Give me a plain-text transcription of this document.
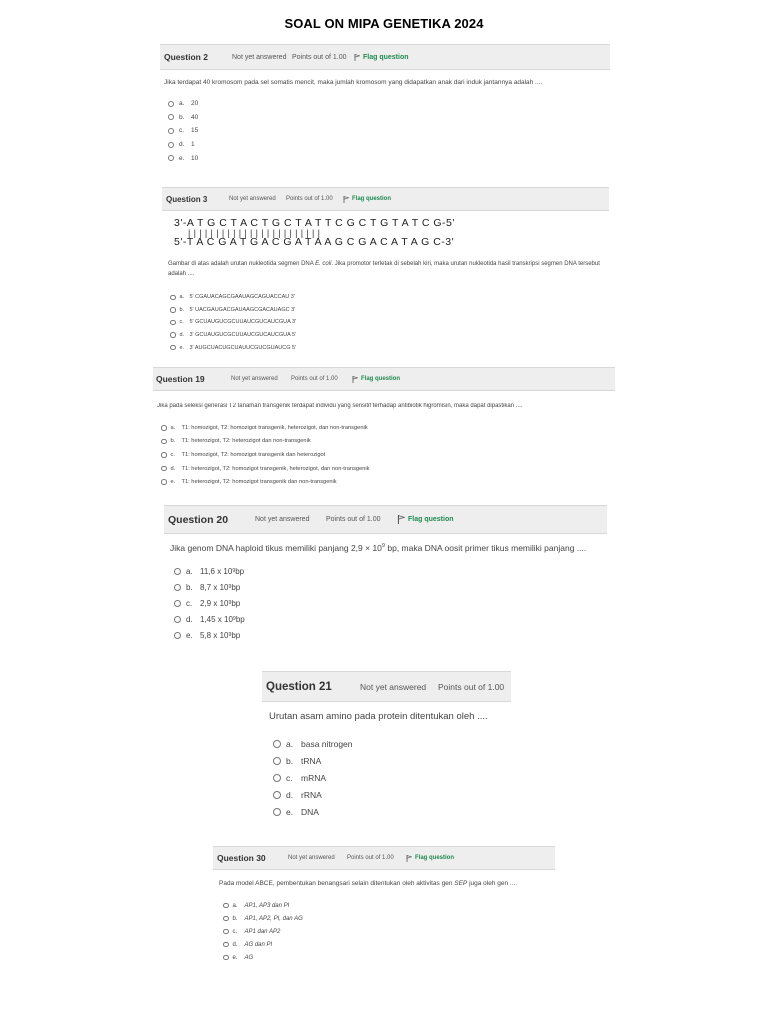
SOAL ON MIPA GENETIKA 2024
Question 2	Not yet answered Points out of 1.00	Flag question
Jika terdapat 40 kromosom pada sel somatis mencit, maka jumlah kromosom yang didapatkan anak dari induk jantannya adalah ....
a.	20
b.	40
c.	15
d.	1
e.	10
Question 3	Not yet answered	Points out of 1.00	Flag question
3'-A T G C T A C T G C T A T T C G C T G T A T C G-5'
||||||||||||||||||||||||
5'-T A C G A T G A C G A T A A G C G A C A T A G C-3'
Gambar di atas adalah urutan nukleotida segmen DNA E. coli. Jika promotor terletak di sebelah kiri, maka urutan nukleotida hasil transkripsi segmen DNA tersebut adalah ....
a. 5' CGAUACAGCGAAUAGCAGUACCAU 3'
b. 5' UACGAUGACGAUAAGCGACAUAGC 3'
c.	5' GCUAUGUCGCUUAUCGUCAUCGUA 3'
d. 3' GCUAUGUCGCUUAUCGUCAUCGUA 5'
e. 3' AUGCUACUGCUAUUCGUCGUAUCG 5'
Question 19	Not yet answered	Points out of 1.00	Flag question
Jika pada seleksi generasi T2 tanaman transgenik terdapat individu yang sensitif terhadap antibiotik higromisin, maka dapat dipastikan ....
a.	T1: homozigot, T2: homozigot transgenik, heterozigot, dan non-transgenik
b.	T1: heterozigot, T2: heterozigot dan non-transgenik
c.	T1: homozigot, T2: homozigot transgenik dan heterozigot
d.	T1: heterozigot, T2: homozigot transgenik, heterozigot, dan non-transgenik
e.	T1: heterozigot, T2: homozigot transgenik dan non-transgenik
Question 20	Not yet answered	Points out of 1.00	Flag question
Jika genom DNA haploid tikus memiliki panjang $2,9 \times 10^9$ bp, maka DNA oosit primer tikus memiliki panjang ....
a. 11,6 x 10 9 bp
b. 8,7 x 10 9 bp
c. 2,9 x 10 9 bp
d. 1,45 x 10 9 bp
e. 5,8 x 10 9 bp
Question 21	Not yet answered	Points out of 1.00
Urutan asam amino pada protein ditentukan oleh ....
a. basa nitrogen
b. tRNA
c. mRNA
d. rRNA
e. DNA
Question 30	Not yet answered	Points out of 1.00	Flag question
Pada model ABCE, pembentukan benangsari selain ditentukan oleh aktivitas gen SEP juga oleh gen ....
a.	AP1, AP3 dan PI
b.	AP1, AP2, PI, dan AG
c.	AP1 dan AP2
d.	AG dan PI
e.	AG
